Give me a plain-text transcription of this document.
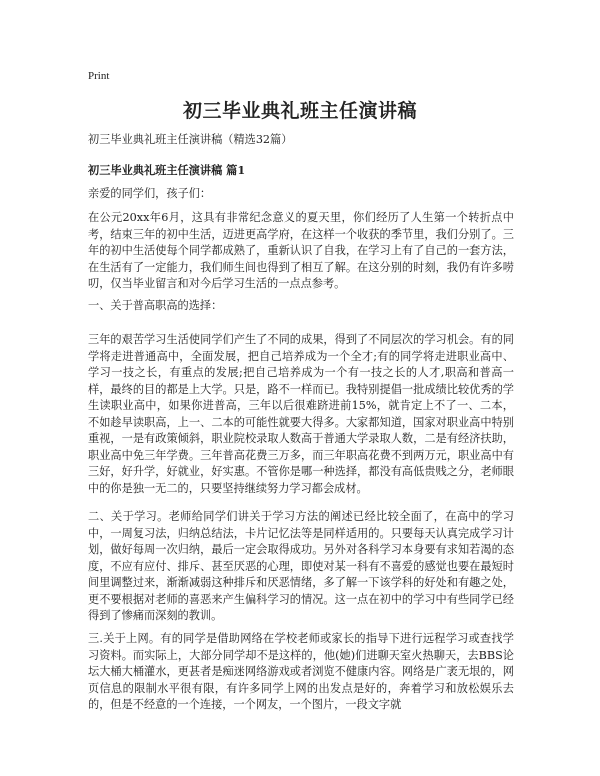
Print
初三毕业典礼班主任演讲稿

初三毕业典礼班主任演讲稿（精选32篇）

初三毕业典礼班主任演讲稿 篇1

亲爱的同学们，孩子们：

在公元20xx年6月，这具有非常纪念意义的夏天里，你们经历了人生第一个转折点中考，结束三年的初中生活，迈进更高学府，在这样一个收获的季节里，我们分别了。三年的初中生活使每个同学都成熟了，重新认识了自我，在学习上有了自己的一套方法，在生活有了一定能力，我们师生间也得到了相互了解。在这分别的时刻，我仍有许多唠叨，仅当毕业留言和对今后学习生活的一点点参考。

一、关于普高职高的选择：

三年的艰苦学习生活使同学们产生了不同的成果，得到了不同层次的学习机会。有的同学将走进普通高中，全面发展，把自己培养成为一个全才;有的同学将走进职业高中、学习一技之长，有重点的发展;把自己培养成为一个有一技之长的人才,职高和普高一样，最终的目的都是上大学。只是，路不一样而已。我特别提倡一批成绩比较优秀的学生读职业高中，如果你进普高，三年以后很难跻进前15%，就肯定上不了一、二本，不如趁早读职高，上一、二本的可能性就要大得多。大家都知道，国家对职业高中特别重视，一是有政策倾斜，职业院校录取人数高于普通大学录取人数，二是有经济扶助，职业高中免三年学费。三年普高花费三万多，而三年职高花费不到两万元，职业高中有三好，好升学，好就业，好实惠。不管你是哪一种选择，都没有高低贵贱之分，老师眼中的你是独一无二的，只要坚持继续努力学习都会成材。

二、关于学习。老师给同学们讲关于学习方法的阐述已经比较全面了，在高中的学习中，一周复习法，归纳总结法，卡片记忆法等是同样适用的。只要每天认真完成学习计划，做好每周一次归纳，最后一定会取得成功。另外对各科学习本身要有求知若渴的态度，不应有应付、排斥、甚至厌恶的心理，即使对某一科有不喜爱的感觉也要在最短时间里调整过来，渐渐减弱这种排斥和厌恶情绪，多了解一下该学科的好处和有趣之处，更不要根据对老师的喜恶来产生偏科学习的情况。这一点在初中的学习中有些同学已经得到了惨痛而深刻的教训。

三.关于上网。有的同学是借助网络在学校老师或家长的指导下进行远程学习或查找学习资料。而实际上，大部分同学却不是这样的，他(她)们进聊天室火热聊天，去BBS论坛大桶大桶灌水，更甚者是痴迷网络游戏或者浏览不健康内容。网络是广袤无垠的，网页信息的限制水平很有限，有许多同学上网的出发点是好的，奔着学习和放松娱乐去的，但是不经意的一个连接，一个网友，一个图片，一段文字就
